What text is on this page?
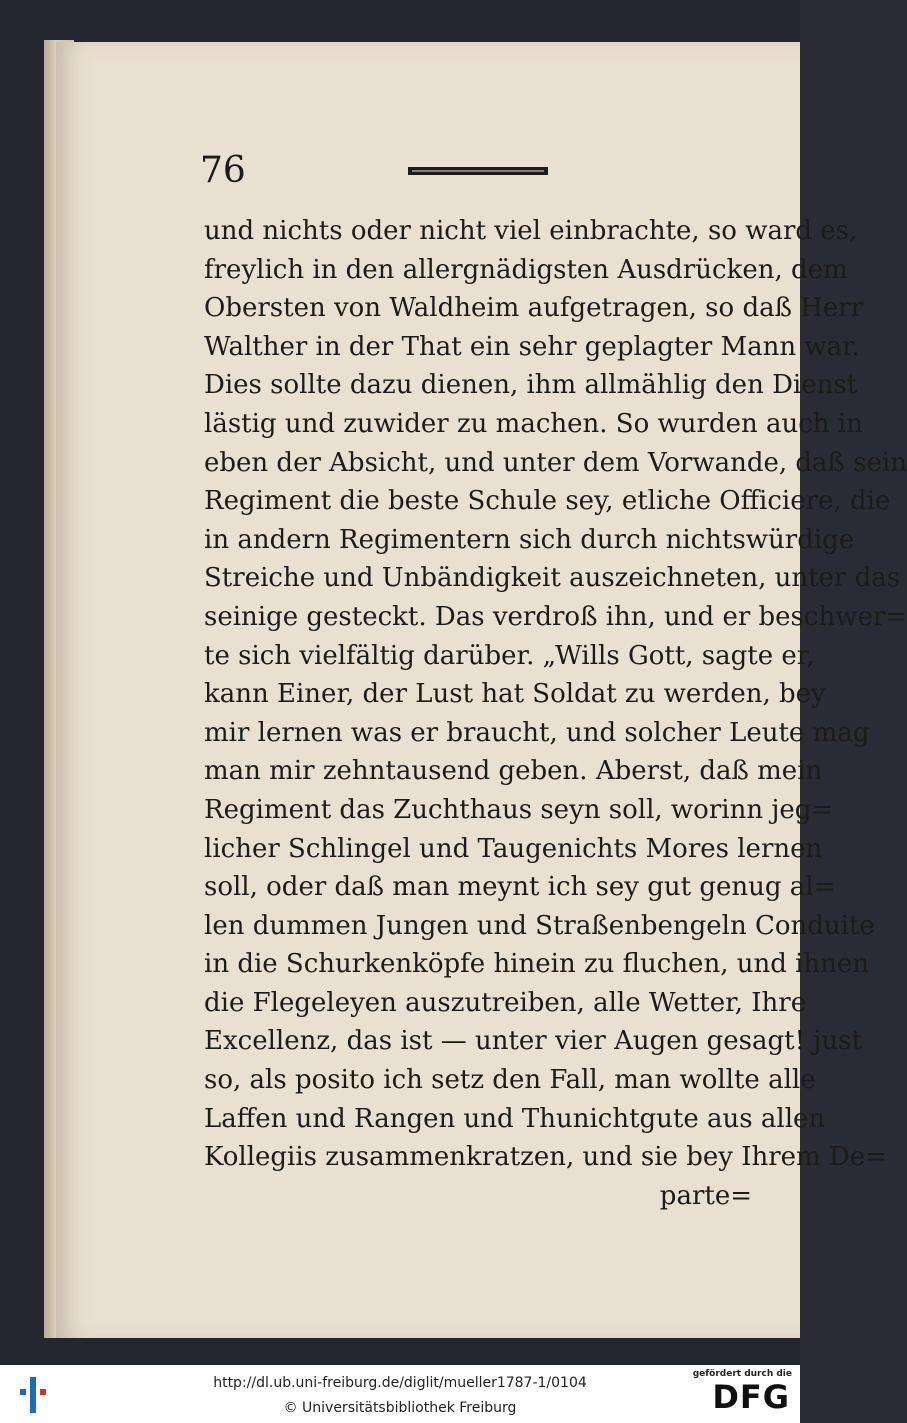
76
und nichts oder nicht viel einbrachte, so ward es,
freylich in den allergnädigsten Ausdrücken, dem
Obersten von Waldheim aufgetragen, so daß Herr
Walther in der That ein sehr geplagter Mann war.
Dies sollte dazu dienen, ihm allmählig den Dienst
lästig und zuwider zu machen. So wurden auch in
eben der Absicht, und unter dem Vorwande, daß sein
Regiment die beste Schule sey, etliche Officiere, die
in andern Regimentern sich durch nichtswürdige
Streiche und Unbändigkeit auszeichneten, unter das
seinige gesteckt. Das verdroß ihn, und er beschwer=
te sich vielfältig darüber. „Wills Gott, sagte er,
kann Einer, der Lust hat Soldat zu werden, bey
mir lernen was er braucht, und solcher Leute mag
man mir zehntausend geben. Aberst, daß mein
Regiment das Zuchthaus seyn soll, worinn jeg=
licher Schlingel und Taugenichts Mores lernen
soll, oder daß man meynt ich sey gut genug al=
len dummen Jungen und Straßenbengeln Conduite
in die Schurkenköpfe hinein zu fluchen, und ihnen
die Flegeleyen auszutreiben, alle Wetter, Ihre
Excellenz, das ist — unter vier Augen gesagt! just
so, als posito ich setz den Fall, man wollte alle
Laffen und Rangen und Thunichtgute aus allen
Kollegiis zusammenkratzen, und sie bey Ihrem De=
parte=
http://dl.ub.uni-freiburg.de/diglit/mueller1787-1/0104
© Universitätsbibliothek Freiburg
gefördert durch die
DFG
